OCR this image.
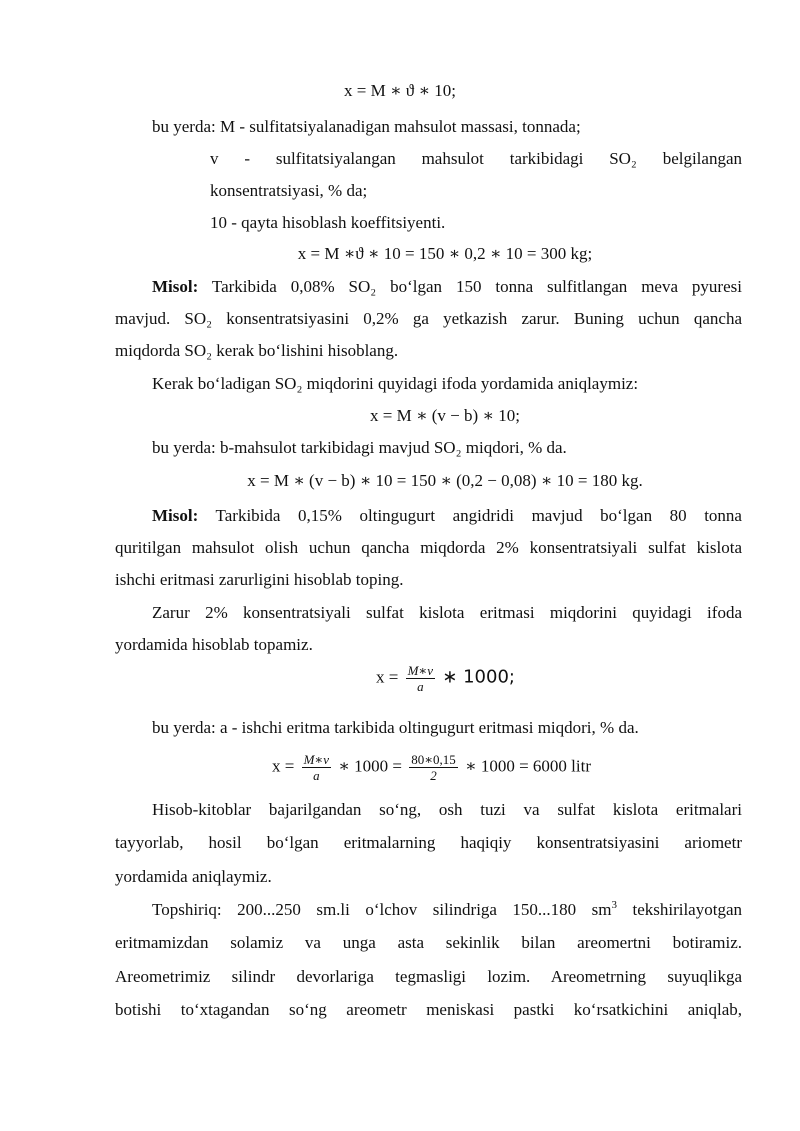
x = M ∗ ϑ ∗ 10;
bu yerda: M - sulfitatsiyalanadigan mahsulot massasi, tonnada;
v - sulfitatsiyalangan mahsulot tarkibidagi SO₂ belgilangan
konsentratsiyasi, % da;
10 - qayta hisoblash koeffitsiyenti.
x = M ∗ϑ ∗ 10 = 150 ∗ 0,2 ∗ 10 = 300 kg;
Misol: Tarkibida 0,08% SO₂ bo‘lgan 150 tonna sulfitlangan meva pyuresi
mavjud. SO₂ konsentratsiyasini 0,2% ga yetkazish zarur. Buning uchun qancha
miqdorda SO₂ kerak bo‘lishini hisoblang.
Kerak bo‘ladigan SO₂ miqdorini quyidagi ifoda yordamida aniqlaymiz:
x = M ∗ (v − b) ∗ 10;
bu yerda: b-mahsulot tarkibidagi mavjud SO₂ miqdori, % da.
x = M ∗ (v − b) ∗ 10 = 150 ∗ (0,2 − 0,08) ∗ 10 = 180 kg.
Misol: Tarkibida 0,15% oltingugurt angidridi mavjud bo‘lgan 80 tonna
quritilgan mahsulot olish uchun qancha miqdorda 2% konsentratsiyali sulfat kislota
ishchi eritmasi zarurligini hisoblab toping.
Zarur 2% konsentratsiyali sulfat kislota eritmasi miqdorini quyidagi ifoda
yordamida hisoblab topamiz.
$x = \frac{M∗v}{a}$ ∗ 1000;
bu yerda: a - ishchi eritma tarkibida oltingugurt eritmasi miqdori, % da.
$x = \frac{M∗v}{a}$ ∗ $1000 = \frac{80∗0,15}{2}$ ∗ 1000 = 6000 litr
Hisob-kitoblar bajarilgandan so‘ng, osh tuzi va sulfat kislota eritmalari
tayyorlab, hosil bo‘lgan eritmalarning haqiqiy konsentratsiyasini ariometr
yordamida aniqlaymiz.
Topshiriq: 200...250 sm.li o‘lchov silindriga 150...180 $sm^3$ tekshirilayotgan
eritmamizdan solamiz va unga asta sekinlik bilan areomertni botiramiz.
Areometrimiz silindr devorlariga tegmasligi lozim. Areometrning suyuqlikga
botishi to‘xtagandan so‘ng areometr meniskasi pastki ko‘rsatkichini aniqlab,
